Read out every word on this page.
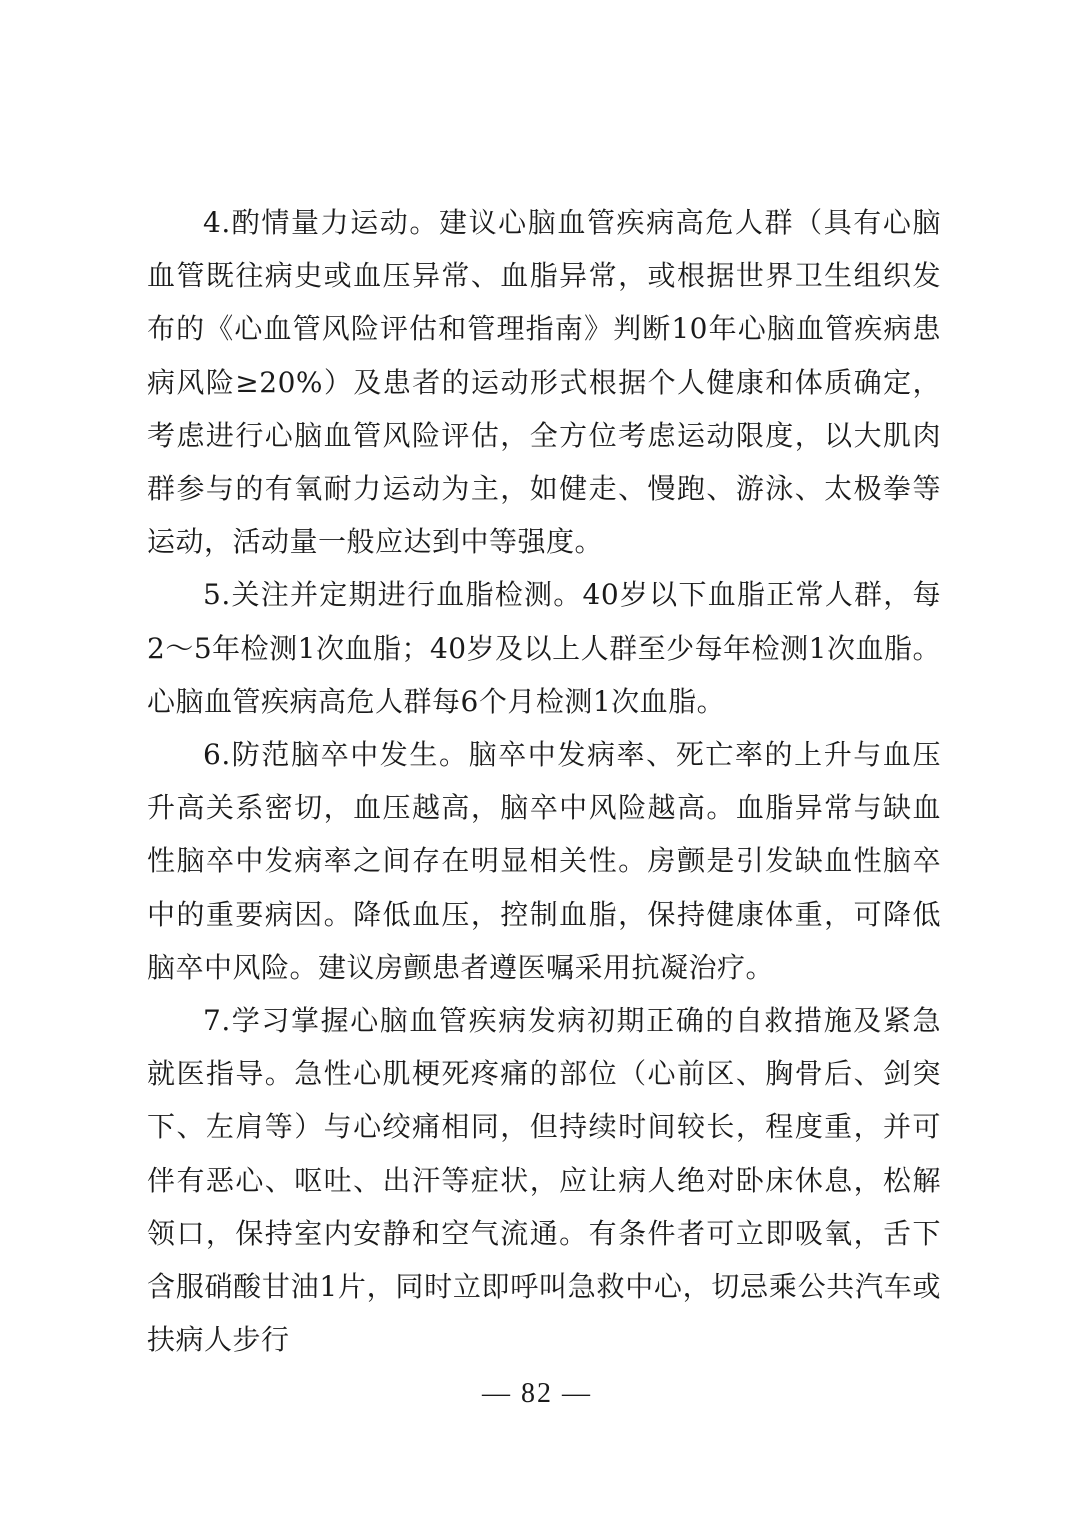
4.酌情量力运动。建议心脑血管疾病高危人群（具有心脑血管既往病史或血压异常、血脂异常，或根据世界卫生组织发布的《心血管风险评估和管理指南》判断10年心脑血管疾病患病风险≥20%）及患者的运动形式根据个人健康和体质确定，考虑进行心脑血管风险评估，全方位考虑运动限度，以大肌肉群参与的有氧耐力运动为主，如健走、慢跑、游泳、太极拳等运动，活动量一般应达到中等强度。

5.关注并定期进行血脂检测。40岁以下血脂正常人群，每2～5年检测1次血脂；40岁及以上人群至少每年检测1次血脂。心脑血管疾病高危人群每6个月检测1次血脂。

6.防范脑卒中发生。脑卒中发病率、死亡率的上升与血压升高关系密切，血压越高，脑卒中风险越高。血脂异常与缺血性脑卒中发病率之间存在明显相关性。房颤是引发缺血性脑卒中的重要病因。降低血压，控制血脂，保持健康体重，可降低脑卒中风险。建议房颤患者遵医嘱采用抗凝治疗。

7.学习掌握心脑血管疾病发病初期正确的自救措施及紧急就医指导。急性心肌梗死疼痛的部位（心前区、胸骨后、剑突下、左肩等）与心绞痛相同，但持续时间较长，程度重，并可伴有恶心、呕吐、出汗等症状，应让病人绝对卧床休息，松解领口，保持室内安静和空气流通。有条件者可立即吸氧，舌下含服硝酸甘油1片，同时立即呼叫急救中心，切忌乘公共汽车或扶病人步行

— 82 —
